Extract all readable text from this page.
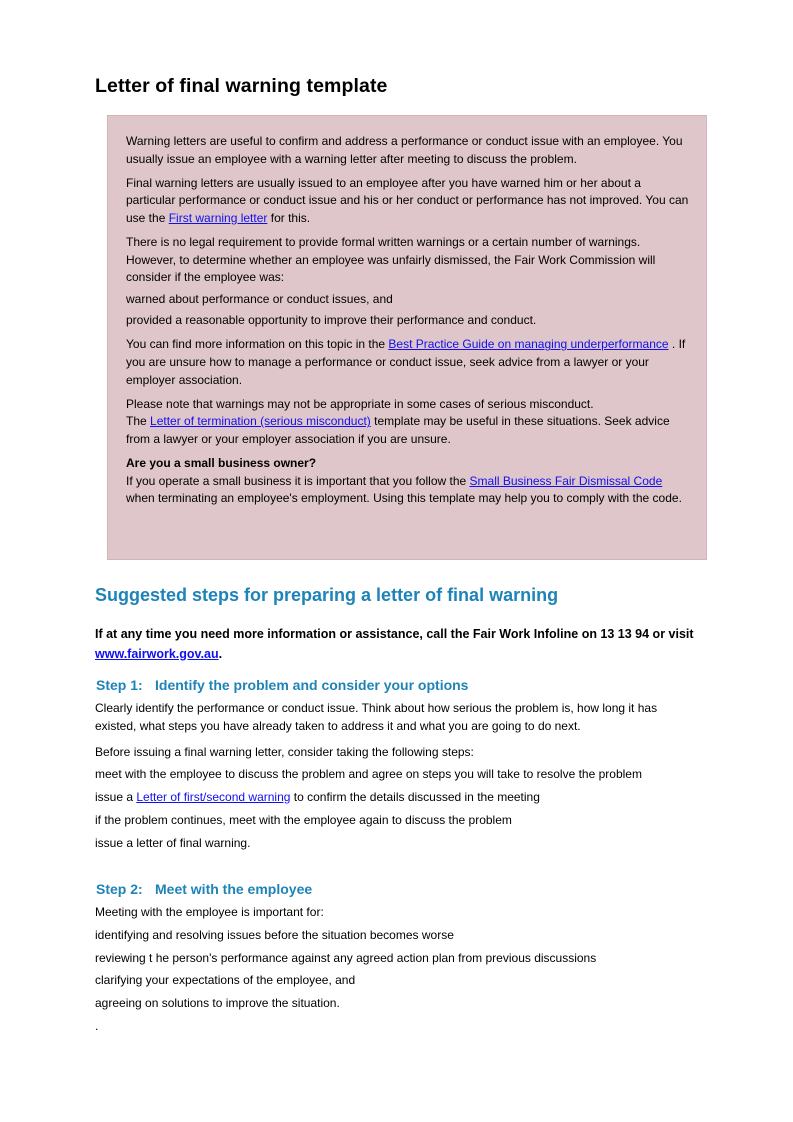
Letter of final warning template

Warning letters are useful to confirm and address a performance or conduct issue with an employee. You usually issue an employee with a warning letter after meeting to discuss the problem.

Final warning letters are usually issued to an employee after you have warned him or her about a particular performance or conduct issue and his or her conduct or performance has not improved. You can use the First warning letter for this.

There is no legal requirement to provide formal written warnings or a certain number of warnings. However, to determine whether an employee was unfairly dismissed, the Fair Work Commission will consider if the employee was:

warned about performance or conduct issues, and

provided a reasonable opportunity to improve their performance and conduct.

You can find more information on this topic in the Best Practice Guide on managing underperformance . If you are unsure how to manage a performance or conduct issue, seek advice from a lawyer or your employer association.

Please note that warnings may not be appropriate in some cases of serious misconduct.
The Letter of termination (serious misconduct) template may be useful in these situations. Seek advice from a lawyer or your employer association if you are unsure.

Are you a small business owner?
If you operate a small business it is important that you follow the Small Business Fair Dismissal Code when terminating an employee's employment. Using this template may help you to comply with the code.

Suggested steps for preparing a letter of final warning

If at any time you need more information or assistance, call the Fair Work Infoline on 13 13 94 or visit www.fairwork.gov.au.

Step 1: Identify the problem and consider your options

Clearly identify the performance or conduct issue. Think about how serious the problem is, how long it has existed, what steps you have already taken to address it and what you are going to do next.

Before issuing a final warning letter, consider taking the following steps:

meet with the employee to discuss the problem and agree on steps you will take to resolve the problem

issue a Letter of first/second warning to confirm the details discussed in the meeting

if the problem continues, meet with the employee again to discuss the problem

issue a letter of final warning.

Step 2: Meet with the employee

Meeting with the employee is important for:

identifying and resolving issues before the situation becomes worse

reviewing t he person's performance against any agreed action plan from previous discussions

clarifying your expectations of the employee, and

agreeing on solutions to improve the situation.

.
